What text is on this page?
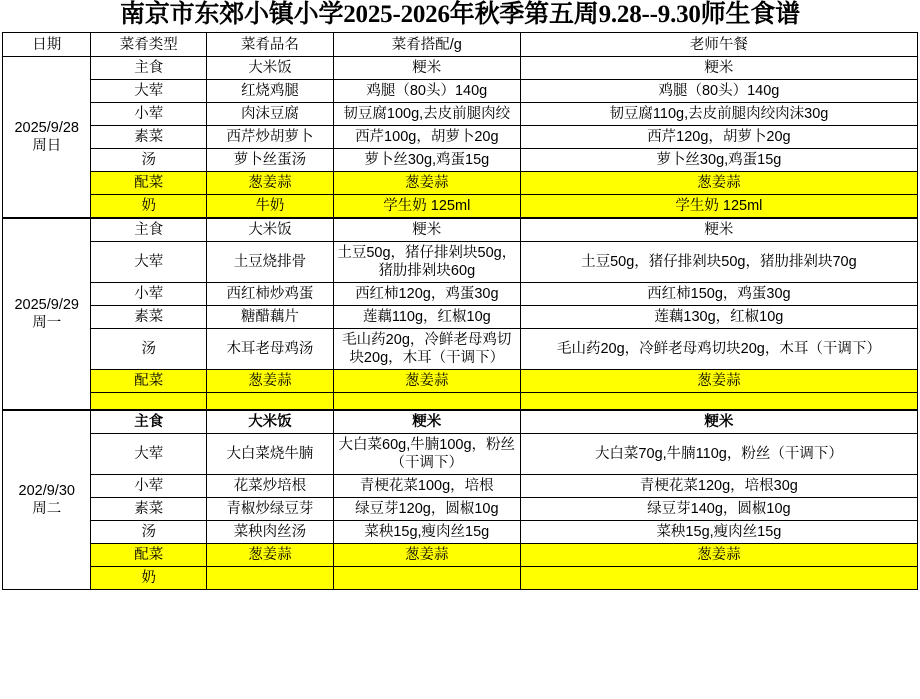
南京市东郊小镇小学2025-2026年秋季第五周9.28--9.30师生食谱
日期	菜肴类型	菜肴品名	菜肴搭配/g	老师午餐

2025/9/28
周日	主食	大米饭	粳米	粳米
	大荤	红烧鸡腿	鸡腿（80头）140g	鸡腿（80头）140g
	小荤	肉沫豆腐	韧豆腐100g,去皮前腿肉绞	韧豆腐110g,去皮前腿肉绞肉沫30g
	素菜	西芹炒胡萝卜	西芹100g，胡萝卜20g	西芹120g，胡萝卜20g
	汤	萝卜丝蛋汤	萝卜丝30g,鸡蛋15g	萝卜丝30g,鸡蛋15g
	配菜	葱姜蒜	葱姜蒜	葱姜蒜
	奶	牛奶	学生奶 125ml	学生奶 125ml

2025/9/29
周一	主食	大米饭	粳米	粳米
	大荤	土豆烧排骨	土豆50g，猪仔排剁块50g，猪肋排剁块60g	土豆50g，猪仔排剁块50g，猪肋排剁块70g
	小荤	西红柿炒鸡蛋	西红柿120g，鸡蛋30g	西红柿150g，鸡蛋30g
	素菜	糖醋藕片	莲藕110g，红椒10g	莲藕130g，红椒10g
	汤	木耳老母鸡汤	毛山药20g，冷鲜老母鸡切块20g，木耳（干调下）	毛山药20g，冷鲜老母鸡切块20g，木耳（干调下）
	配菜	葱姜蒜	葱姜蒜	葱姜蒜

202/9/30
周二	主食	大米饭	粳米	粳米
	大荤	大白菜烧牛腩	大白菜60g,牛腩100g，粉丝（干调下）	大白菜70g,牛腩110g，粉丝（干调下）
	小荤	花菜炒培根	青梗花菜100g，培根	青梗花菜120g，培根30g
	素菜	青椒炒绿豆芽	绿豆芽120g，圆椒10g	绿豆芽140g，圆椒10g
	汤	菜秧肉丝汤	菜秧15g,瘦肉丝15g	菜秧15g,瘦肉丝15g
	配菜	葱姜蒜	葱姜蒜	葱姜蒜
	奶			
